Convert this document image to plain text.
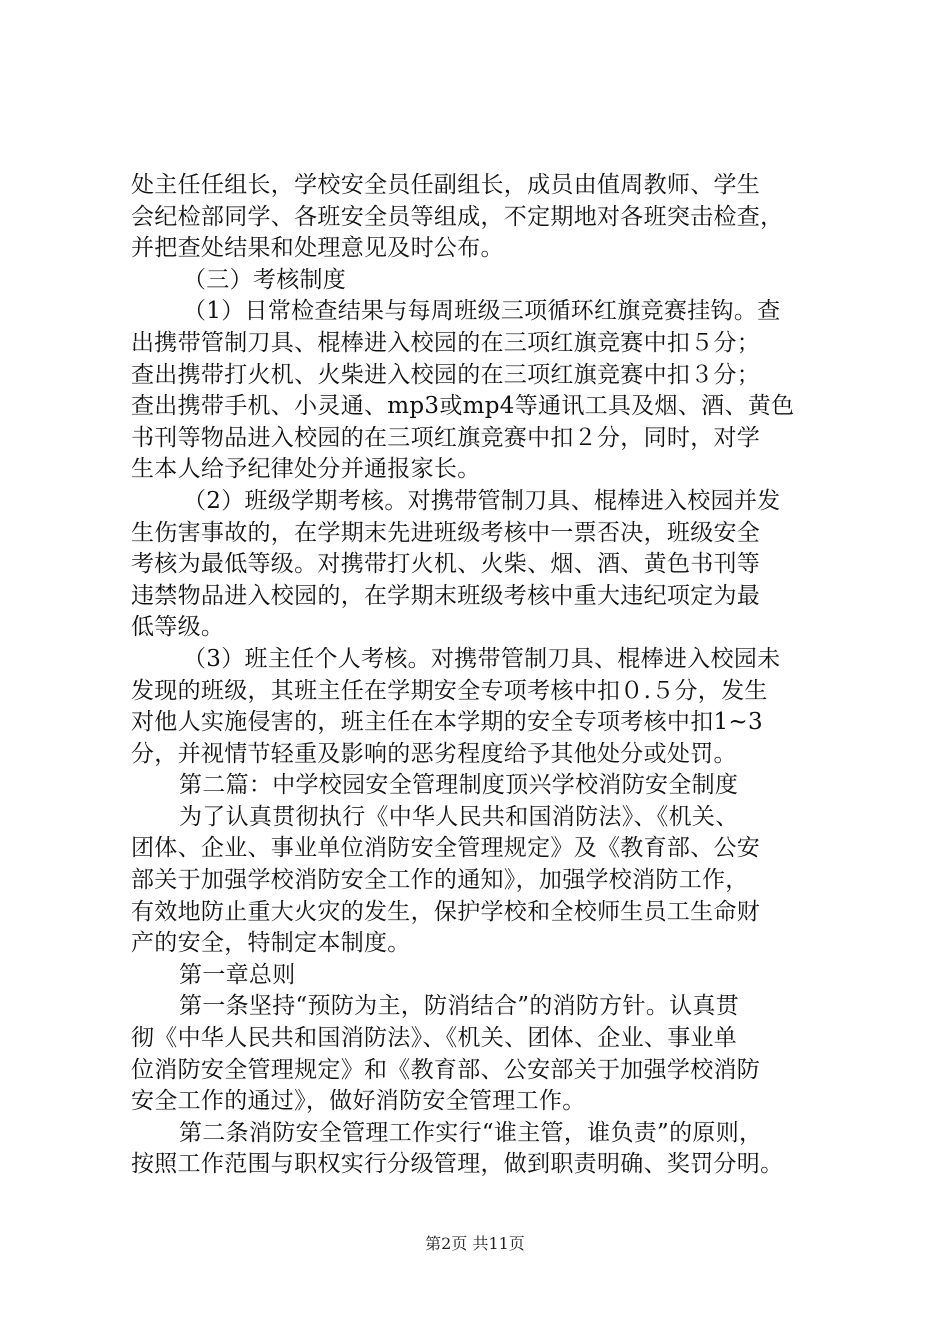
处主任任组长，学校安全员任副组长，成员由值周教师、学生
会纪检部同学、各班安全员等组成，不定期地对各班突击检查，
并把查处结果和处理意见及时公布。
（三）考核制度
（1）日常检查结果与每周班级三项循环红旗竞赛挂钩。查
出携带管制刀具、棍棒进入校园的在三项红旗竞赛中扣５分；
查出携带打火机、火柴进入校园的在三项红旗竞赛中扣３分；
查出携带手机、小灵通、mp3或mp4等通讯工具及烟、酒、黄色
书刊等物品进入校园的在三项红旗竞赛中扣２分，同时，对学
生本人给予纪律处分并通报家长。
（2）班级学期考核。对携带管制刀具、棍棒进入校园并发
生伤害事故的，在学期末先进班级考核中一票否决，班级安全
考核为最低等级。对携带打火机、火柴、烟、酒、黄色书刊等
违禁物品进入校园的，在学期末班级考核中重大违纪项定为最
低等级。
（3）班主任个人考核。对携带管制刀具、棍棒进入校园未
发现的班级，其班主任在学期安全专项考核中扣０.５分，发生
对他人实施侵害的，班主任在本学期的安全专项考核中扣1~3
分，并视情节轻重及影响的恶劣程度给予其他处分或处罚。
第二篇：中学校园安全管理制度顶兴学校消防安全制度
为了认真贯彻执行《中华人民共和国消防法》、《机关、
团体、企业、事业单位消防安全管理规定》及《教育部、公安
部关于加强学校消防安全工作的通知》，加强学校消防工作，
有效地防止重大火灾的发生，保护学校和全校师生员工生命财
产的安全，特制定本制度。
第一章总则
第一条坚持“预防为主，防消结合”的消防方针。认真贯
彻《中华人民共和国消防法》、《机关、团体、企业、事业单
位消防安全管理规定》和《教育部、公安部关于加强学校消防
安全工作的通过》，做好消防安全管理工作。
第二条消防安全管理工作实行“谁主管，谁负责”的原则，
按照工作范围与职权实行分级管理，做到职责明确、奖罚分明。
第2页 共11页
